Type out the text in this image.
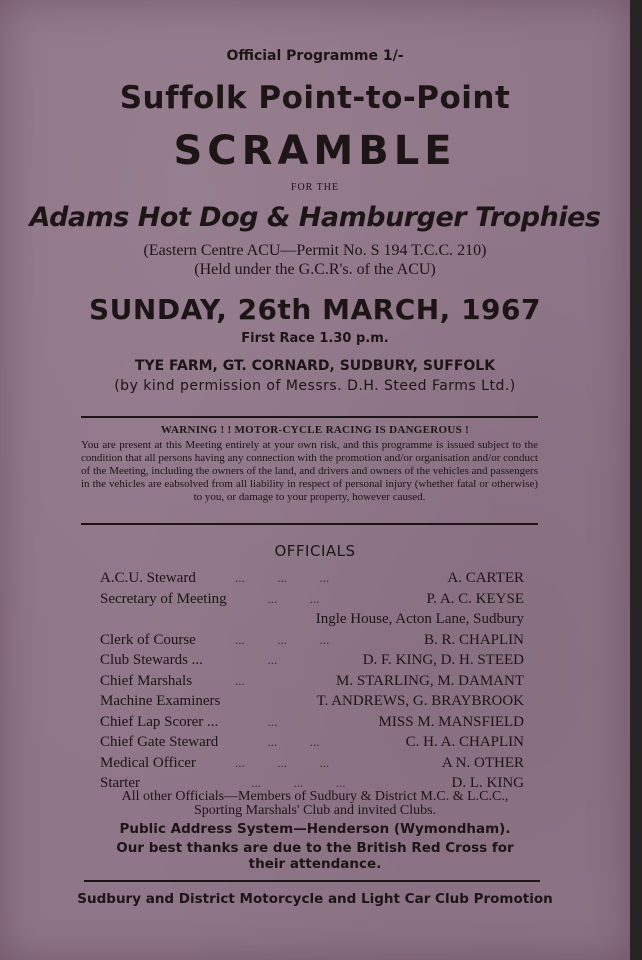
Official Programme 1/-
Suffolk Point-to-Point
SCRAMBLE
FOR THE
Adams Hot Dog & Hamburger Trophies
(Eastern Centre ACU—Permit No. S 194 T.C.C. 210)
(Held under the G.C.R's. of the ACU)
SUNDAY, 26th MARCH, 1967
First Race 1.30 p.m.
TYE FARM, GT. CORNARD, SUDBURY, SUFFOLK
(by kind permission of Messrs. D.H. Steed Farms Ltd.)
WARNING ! ! MOTOR-CYCLE RACING IS DANGEROUS !
You are present at this Meeting entirely at your own risk, and this programme is issued subject to the condition that all persons having any connection with the promotion and/or organisation and/or conduct of the Meeting, including the owners of the land, and drivers and owners of the vehicles and passengers in the vehicles are eabsolved from all liability in respect of personal injury (whether fatal or otherwise) to you, or damage to your property, however caused.
OFFICIALS
A.C.U. Steward	...          ...          ...	A. CARTER
Secretary of Meeting ...          ...	P. A. C. KEYSE
Ingle House, Acton Lane, Sudbury
Clerk of Course	...          ...          ...	B. R. CHAPLIN
Club Stewards ... ...	D. F. KING, D. H. STEED
Chief Marshals	...	M. STARLING, M. DAMANT
Machine Examiners	T. ANDREWS, G. BRAYBROOK
Chief Lap Scorer ... ...	MISS M. MANSFIELD
Chief Gate Steward ...          ...	C. H. A. CHAPLIN
Medical Officer	...          ...          ...	A N. OTHER
Starter	...          ...          ...	D. L. KING
All other Officials—Members of Sudbury & District M.C. & L.C.C.,
Sporting Marshals' Club and invited Clubs.
Public Address System—Henderson (Wymondham).
Our best thanks are due to the British Red Cross for
their attendance.
Sudbury and District Motorcycle and Light Car Club Promotion
